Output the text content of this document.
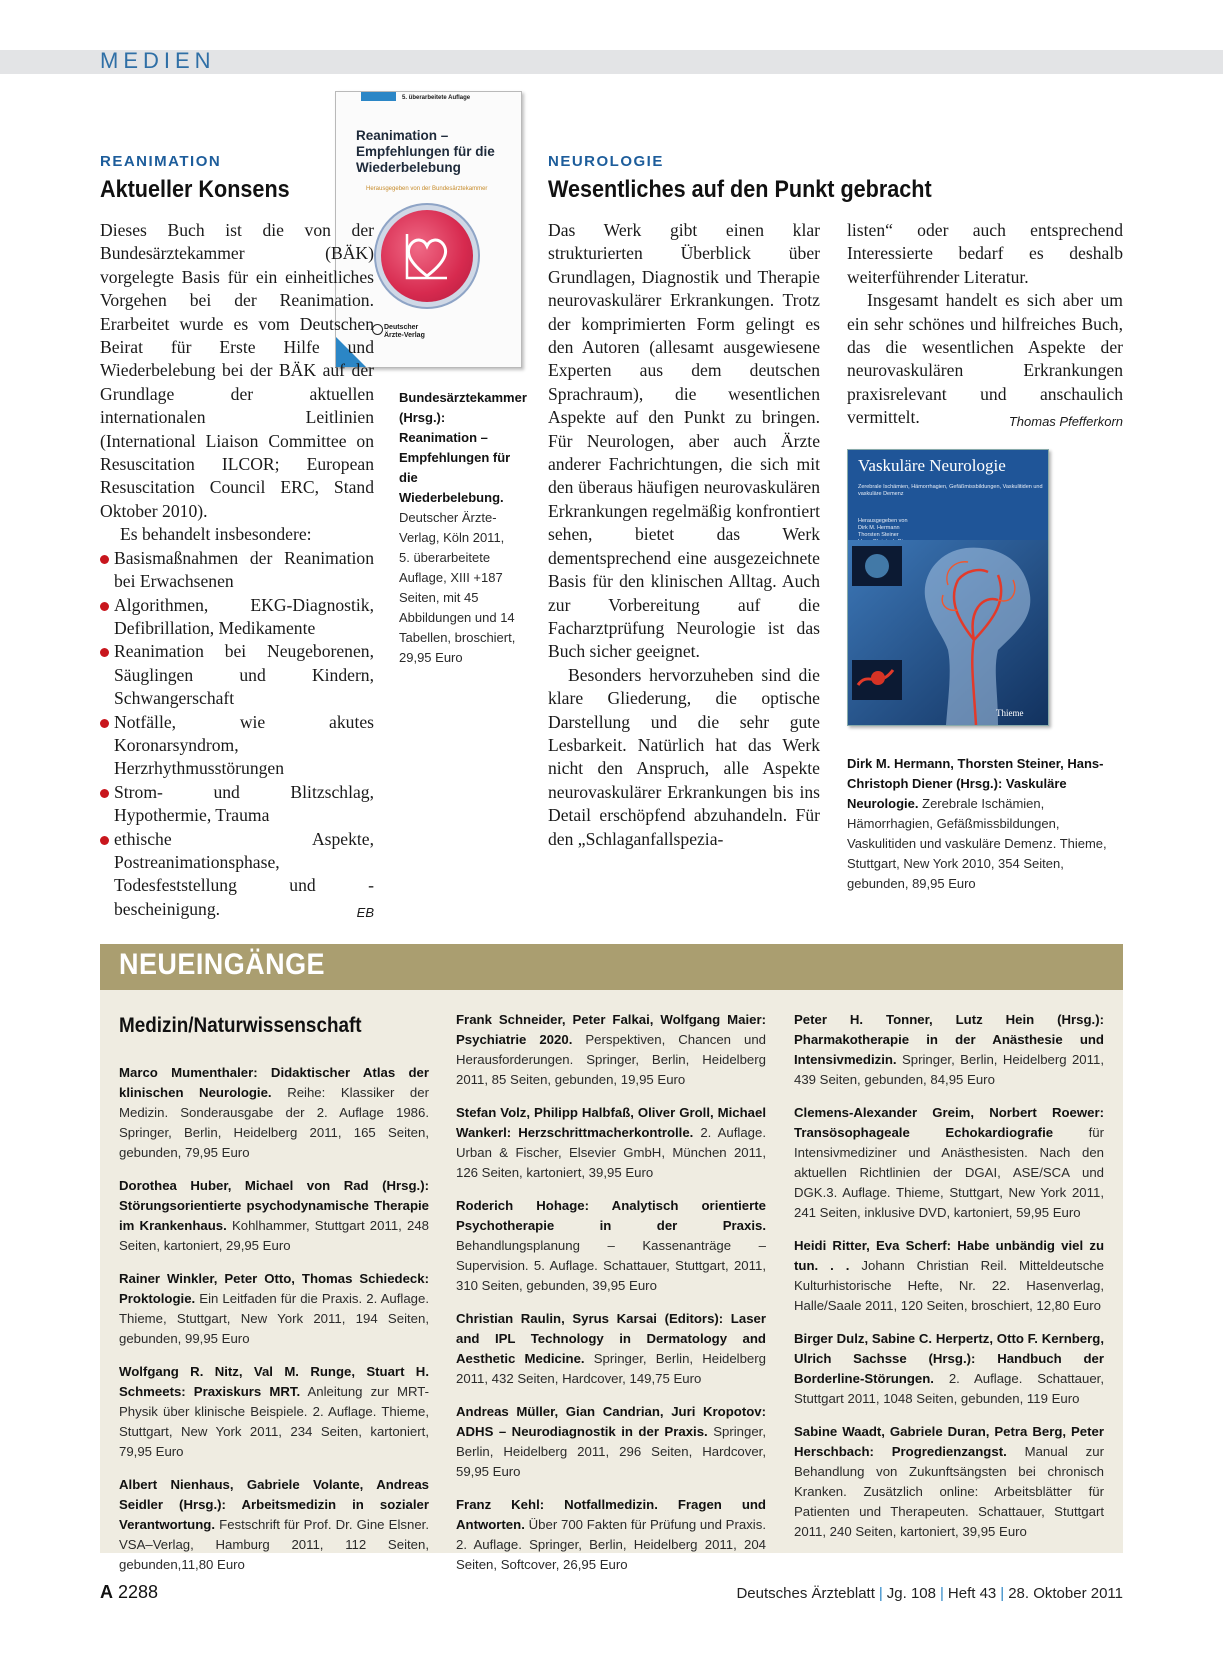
MEDIEN
REANIMATION
Aktueller Konsens
5. überarbeitete Auflage
Reanimation – Empfehlungen für die Wiederbelebung
Herausgegeben von der Bundesärztekammer
Deutscher Ärzte-Verlag

Dieses Buch ist die von der Bundesärztekammer (BÄK) vorgelegte Basis für ein einheitliches Vorgehen bei der Reanimation. Erarbeitet wurde es vom Deutschen Beirat für Erste Hilfe und Wiederbelebung bei der BÄK auf der Grundlage der aktuellen internationalen Leitlinien (International Liaison Committee on Resuscitation ILCOR; European Resuscitation Council ERC, Stand Oktober 2010).

Es behandelt insbesondere:

Basismaßnahmen der Reanimation bei Erwachsenen
Algorithmen, EKG-Diagnostik, Defibrillation, Medikamente
Reanimation bei Neugeborenen, Säuglingen und Kindern, Schwangerschaft
Notfälle, wie akutes Koronarsyndrom, Herzrhythmusstörungen
Strom- und Blitzschlag, Hypothermie, Trauma
ethische Aspekte, Postreanimationsphase, Todesfeststellung und -bescheinigung.	EB
Bundesärztekammer (Hrsg.): Reanimation – Empfehlungen für die Wiederbelebung. Deutscher Ärzte-Verlag, Köln 2011, 5. überarbeitete Auflage, XIII +187 Seiten, mit 45 Abbildungen und 14 Tabellen, broschiert, 29,95 Euro
NEUROLOGIE
Wesentliches auf den Punkt gebracht

Das Werk gibt einen klar strukturierten Überblick über Grundlagen, Diagnostik und Therapie neurovaskulärer Erkrankungen. Trotz der komprimierten Form gelingt es den Autoren (allesamt ausgewiesene Experten aus dem deutschen Sprachraum), die wesentlichen Aspekte auf den Punkt zu bringen. Für Neurologen, aber auch Ärzte anderer Fachrichtungen, die sich mit den überaus häufigen neurovaskulären Erkrankungen regelmäßig konfrontiert sehen, bietet das Werk dementsprechend eine ausgezeichnete Basis für den klinischen Alltag. Auch zur Vorbereitung auf die Facharztprüfung Neurologie ist das Buch sicher geeignet.

Besonders hervorzuheben sind die klare Gliederung, die optische Darstellung und die sehr gute Lesbarkeit. Natürlich hat das Werk nicht den Anspruch, alle Aspekte neurovaskulärer Erkrankungen bis ins Detail erschöpfend abzuhandeln. Für den „Schlaganfallspezia-

listen“ oder auch entsprechend Interessierte bedarf es deshalb weiterführender Literatur.

Insgesamt handelt es sich aber um ein sehr schönes und hilfreiches Buch, das die wesentlichen Aspekte der neurovaskulären Erkrankungen praxisrelevant und anschaulich vermittelt.	Thomas Pfefferkorn

Vaskuläre Neurologie
Zerebrale Ischämien, Hämorrhagien, Gefäßmissbildungen, Vaskulitiden und vaskuläre Demenz
Herausgegeben von
Dirk M. Hermann
Thorsten Steiner
Thieme
Dirk M. Hermann, Thorsten Steiner, Hans-Christoph Diener (Hrsg.): Vaskuläre Neurologie. Zerebrale Ischämien, Hämorrhagien, Gefäßmissbildungen, Vaskulitiden und vaskuläre Demenz. Thieme, Stuttgart, New York 2010, 354 Seiten, gebunden, 89,95 Euro
NEUEINGÄNGE
Medizin/Naturwissenschaft
Marco Mumenthaler: Didaktischer Atlas der klinischen Neurologie. Reihe: Klassiker der Medizin. Sonderausgabe der 2. Auflage 1986. Springer, Berlin, Heidelberg 2011, 165 Seiten, gebunden, 79,95 Euro
Dorothea Huber, Michael von Rad (Hrsg.): Störungsorientierte psychodynamische Therapie im Krankenhaus. Kohlhammer, Stuttgart 2011, 248 Seiten, kartoniert, 29,95 Euro
Rainer Winkler, Peter Otto, Thomas Schiedeck: Proktologie. Ein Leitfaden für die Praxis. 2. Auflage. Thieme, Stuttgart, New York 2011, 194 Seiten, gebunden, 99,95 Euro
Wolfgang R. Nitz, Val M. Runge, Stuart H. Schmeets: Praxiskurs MRT. Anleitung zur MRT-Physik über klinische Beispiele. 2. Auflage. Thieme, Stuttgart, New York 2011, 234 Seiten, kartoniert, 79,95 Euro
Albert Nienhaus, Gabriele Volante, Andreas Seidler (Hrsg.): Arbeitsmedizin in sozialer Verantwortung. Festschrift für Prof. Dr. Gine Elsner. VSA–Verlag, Hamburg 2011, 112 Seiten, gebunden,11,80 Euro
Frank Schneider, Peter Falkai, Wolfgang Maier: Psychiatrie 2020. Perspektiven, Chancen und Herausforderungen. Springer, Berlin, Heidelberg 2011, 85 Seiten, gebunden, 19,95 Euro
Stefan Volz, Philipp Halbfaß, Oliver Groll, Michael Wankerl: Herzschrittmacherkontrolle. 2. Auflage. Urban & Fischer, Elsevier GmbH, München 2011, 126 Seiten, kartoniert, 39,95 Euro
Roderich Hohage: Analytisch orientierte Psychotherapie in der Praxis. Behandlungsplanung – Kassenanträge – Supervision. 5. Auflage. Schattauer, Stuttgart, 2011, 310 Seiten, gebunden, 39,95 Euro
Christian Raulin, Syrus Karsai (Editors): Laser and IPL Technology in Dermatology and Aesthetic Medicine. Springer, Berlin, Heidelberg 2011, 432 Seiten, Hardcover, 149,75 Euro
Andreas Müller, Gian Candrian, Juri Kropotov: ADHS – Neurodiagnostik in der Praxis. Springer, Berlin, Heidelberg 2011, 296 Seiten, Hardcover, 59,95 Euro
Franz Kehl: Notfallmedizin. Fragen und Antworten. Über 700 Fakten für Prüfung und Praxis. 2. Auflage. Springer, Berlin, Heidelberg 2011, 204 Seiten, Softcover, 26,95 Euro
Peter H. Tonner, Lutz Hein (Hrsg.): Pharmakotherapie in der Anästhesie und Intensivmedizin. Springer, Berlin, Heidelberg 2011, 439 Seiten, gebunden, 84,95 Euro
Clemens-Alexander Greim, Norbert Roewer: Transösophageale Echokardiografie	für Intensivmediziner und Anästhesisten. Nach den aktuellen Richtlinien der DGAI, ASE/SCA und DGK.3. Auflage. Thieme, Stuttgart, New York 2011, 241 Seiten, inklusive DVD, kartoniert, 59,95 Euro
Heidi Ritter, Eva Scherf: Habe unbändig viel zu tun. . . Johann Christian Reil. Mitteldeutsche Kulturhistorische Hefte, Nr. 22. Hasenverlag, Halle/Saale 2011, 120 Seiten, broschiert, 12,80 Euro
Birger Dulz, Sabine C. Herpertz, Otto F. Kernberg, Ulrich Sachsse (Hrsg.): Handbuch der Borderline-Störungen. 2. Auflage. Schattauer, Stuttgart 2011, 1048 Seiten, gebunden, 119 Euro
Sabine Waadt, Gabriele Duran, Petra Berg, Peter Herschbach: Progredienzangst. Manual zur Behandlung von Zukunftsängsten bei chronisch Kranken. Zusätzlich online: Arbeitsblätter für Patienten und Therapeuten. Schattauer, Stuttgart 2011, 240 Seiten, kartoniert, 39,95 Euro
A 2288	Deutsches Ärzteblatt | Jg. 108 | Heft 43 | 28. Oktober 2011
